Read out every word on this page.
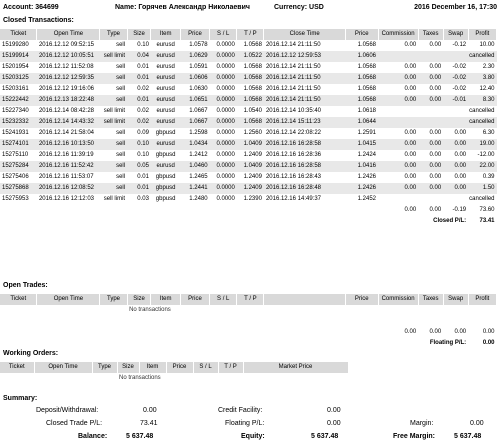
Account: 364699	Name: Горячев Александр Николаевич	Currency: USD	2016 December 16, 17:30
Closed Transactions:
Ticket	Open Time	Type	Size	Item	Price	S / L	T / P	Close Time	Price	Commission	Taxes	Swap	Profit
15199280	2016.12.12 09:52:15	sell	0.10	eurusd	1.0578	0.0000	1.0568	2016.12.14 21:11:50	1.0568	0.00	0.00	-0.12	10.00
15199914	2016.12.12 10:05:51	sell limit	0.04	eurusd	1.0629	0.0000	1.0522	2016.12.12 12:59:53	1.0606	cancelled			
15201954	2016.12.12 11:52:08	sell	0.01	eurusd	1.0591	0.0000	1.0568	2016.12.14 21:11:50	1.0568	0.00	0.00	-0.02	2.30
15203125	2016.12.12 12:59:35	sell	0.01	eurusd	1.0606	0.0000	1.0568	2016.12.14 21:11:50	1.0568	0.00	0.00	-0.02	3.80
15203161	2016.12.12 19:16:06	sell	0.02	eurusd	1.0630	0.0000	1.0568	2016.12.14 21:11:50	1.0568	0.00	0.00	-0.02	12.40
15222442	2016.12.13 18:22:48	sell	0.01	eurusd	1.0651	0.0000	1.0568	2016.12.14 21:11:50	1.0568	0.00	0.00	-0.01	8.30
15227340	2016.12.14 08:42:28	sell limit	0.02	eurusd	1.0667	0.0000	1.0540	2016.12.14 10:35:40	1.0618	cancelled			
15232332	2016.12.14 14:43:32	sell limit	0.02	eurusd	1.0667	0.0000	1.0568	2016.12.14 15:11:23	1.0644	cancelled			
15241931	2016.12.14 21:58:04	sell	0.09	gbpusd	1.2598	0.0000	1.2560	2016.12.14 22:08:22	1.2591	0.00	0.00	0.00	6.30
15274101	2016.12.16 10:13:50	sell	0.10	eurusd	1.0434	0.0000	1.0409	2016.12.16 16:28:58	1.0415	0.00	0.00	0.00	19.00
15275110	2016.12.16 11:39:19	sell	0.10	gbpusd	1.2412	0.0000	1.2409	2016.12.16 16:28:36	1.2424	0.00	0.00	0.00	-12.00
15275284	2016.12.16 11:52:42	sell	0.05	eurusd	1.0460	0.0000	1.0409	2016.12.16 16:28:58	1.0416	0.00	0.00	0.00	22.00
15275406	2016.12.16 11:53:07	sell	0.01	gbpusd	1.2465	0.0000	1.2409	2016.12.16 16:28:43	1.2426	0.00	0.00	0.00	0.39
15275868	2016.12.16 12:08:52	sell	0.01	gbpusd	1.2441	0.0000	1.2409	2016.12.16 16:28:48	1.2426	0.00	0.00	0.00	1.50
15275953	2016.12.16 12:12:03	sell limit	0.03	gbpusd	1.2480	0.0000	1.2390	2016.12.16 14:49:37	1.2452	cancelled			
										0.00	0.00	-0.19	73.60
									Closed P/L:				73.41
Open Trades:
Ticket	Open Time	Type	Size	Item	Price	S / L	T / P		Price	Commission	Taxes	Swap	Profit
			No transactions										

										0.00	0.00	0.00	0.00
									Floating P/L:				0.00
Working Orders:
Ticket	Open Time	Type	Size	Item	Price	S / L	T / P	Market Price
			No transactions					
Summary:
Deposit/Withdrawal:	0.00	Credit Facility:	0.00
Closed Trade P/L:	73.41	Floating P/L:	0.00	Margin:	0.00
Balance:	5 637.48	Equity:	5 637.48	Free Margin:	5 637.48
